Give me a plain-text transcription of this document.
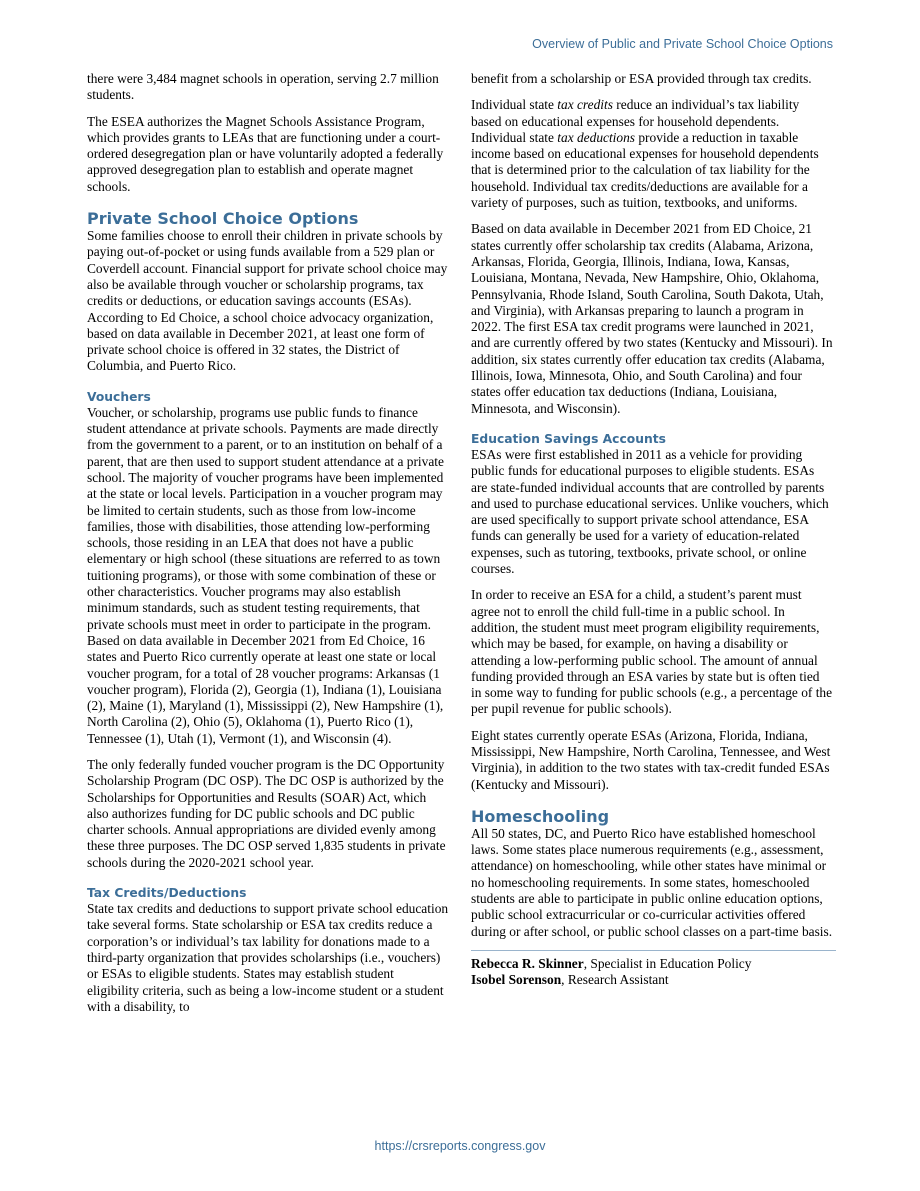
Overview of Public and Private School Choice Options

there were 3,484 magnet schools in operation, serving 2.7 million students.

The ESEA authorizes the Magnet Schools Assistance Program, which provides grants to LEAs that are functioning under a court-ordered desegregation plan or have voluntarily adopted a federally approved desegregation plan to establish and operate magnet schools.

Private School Choice Options

Some families choose to enroll their children in private schools by paying out-of-pocket or using funds available from a 529 plan or Coverdell account. Financial support for private school choice may also be available through voucher or scholarship programs, tax credits or deductions, or education savings accounts (ESAs). According to Ed Choice, a school choice advocacy organization, based on data available in December 2021, at least one form of private school choice is offered in 32 states, the District of Columbia, and Puerto Rico.

Vouchers

Voucher, or scholarship, programs use public funds to finance student attendance at private schools. Payments are made directly from the government to a parent, or to an institution on behalf of a parent, that are then used to support student attendance at a private school. The majority of voucher programs have been implemented at the state or local levels. Participation in a voucher program may be limited to certain students, such as those from low-income families, those with disabilities, those attending low-performing schools, those residing in an LEA that does not have a public elementary or high school (these situations are referred to as town tuitioning programs), or those with some combination of these or other characteristics. Voucher programs may also establish minimum standards, such as student testing requirements, that private schools must meet in order to participate in the program. Based on data available in December 2021 from Ed Choice, 16 states and Puerto Rico currently operate at least one state or local voucher program, for a total of 28 voucher programs: Arkansas (1 voucher program), Florida (2), Georgia (1), Indiana (1), Louisiana (2), Maine (1), Maryland (1), Mississippi (2), New Hampshire (1), North Carolina (2), Ohio (5), Oklahoma (1), Puerto Rico (1), Tennessee (1), Utah (1), Vermont (1), and Wisconsin (4).

The only federally funded voucher program is the DC Opportunity Scholarship Program (DC OSP). The DC OSP is authorized by the Scholarships for Opportunities and Results (SOAR) Act, which also authorizes funding for DC public schools and DC public charter schools. Annual appropriations are divided evenly among these three purposes. The DC OSP served 1,835 students in private schools during the 2020-2021 school year.

Tax Credits/Deductions

State tax credits and deductions to support private school education take several forms. State scholarship or ESA tax credits reduce a corporation’s or individual’s tax lability for donations made to a third-party organization that provides scholarships (i.e., vouchers) or ESAs to eligible students. States may establish student eligibility criteria, such as being a low-income student or a student with a disability, to

benefit from a scholarship or ESA provided through tax credits.

Individual state tax credits reduce an individual’s tax liability based on educational expenses for household dependents. Individual state tax deductions provide a reduction in taxable income based on educational expenses for household dependents that is determined prior to the calculation of tax liability for the household. Individual tax credits/deductions are available for a variety of purposes, such as tuition, textbooks, and uniforms.

Based on data available in December 2021 from ED Choice, 21 states currently offer scholarship tax credits (Alabama, Arizona, Arkansas, Florida, Georgia, Illinois, Indiana, Iowa, Kansas, Louisiana, Montana, Nevada, New Hampshire, Ohio, Oklahoma, Pennsylvania, Rhode Island, South Carolina, South Dakota, Utah, and Virginia), with Arkansas preparing to launch a program in 2022. The first ESA tax credit programs were launched in 2021, and are currently offered by two states (Kentucky and Missouri). In addition, six states currently offer education tax credits (Alabama, Illinois, Iowa, Minnesota, Ohio, and South Carolina) and four states offer education tax deductions (Indiana, Louisiana, Minnesota, and Wisconsin).

Education Savings Accounts

ESAs were first established in 2011 as a vehicle for providing public funds for educational purposes to eligible students. ESAs are state-funded individual accounts that are controlled by parents and used to purchase educational services. Unlike vouchers, which are used specifically to support private school attendance, ESA funds can generally be used for a variety of education-related expenses, such as tutoring, textbooks, private school, or online courses.

In order to receive an ESA for a child, a student’s parent must agree not to enroll the child full-time in a public school. In addition, the student must meet program eligibility requirements, which may be based, for example, on having a disability or attending a low-performing public school. The amount of annual funding provided through an ESA varies by state but is often tied in some way to funding for public schools (e.g., a percentage of the per pupil revenue for public schools).

Eight states currently operate ESAs (Arizona, Florida, Indiana, Mississippi, New Hampshire, North Carolina, Tennessee, and West Virginia), in addition to the two states with tax-credit funded ESAs (Kentucky and Missouri).

Homeschooling

All 50 states, DC, and Puerto Rico have established homeschool laws. Some states place numerous requirements (e.g., assessment, attendance) on homeschooling, while other states have minimal or no homeschooling requirements. In some states, homeschooled students are able to participate in public online education options, public school extracurricular or co-curricular activities offered during or after school, or public school classes on a part-time basis.

Rebecca R. Skinner, Specialist in Education Policy

Isobel Sorenson, Research Assistant

https://crsreports.congress.gov
